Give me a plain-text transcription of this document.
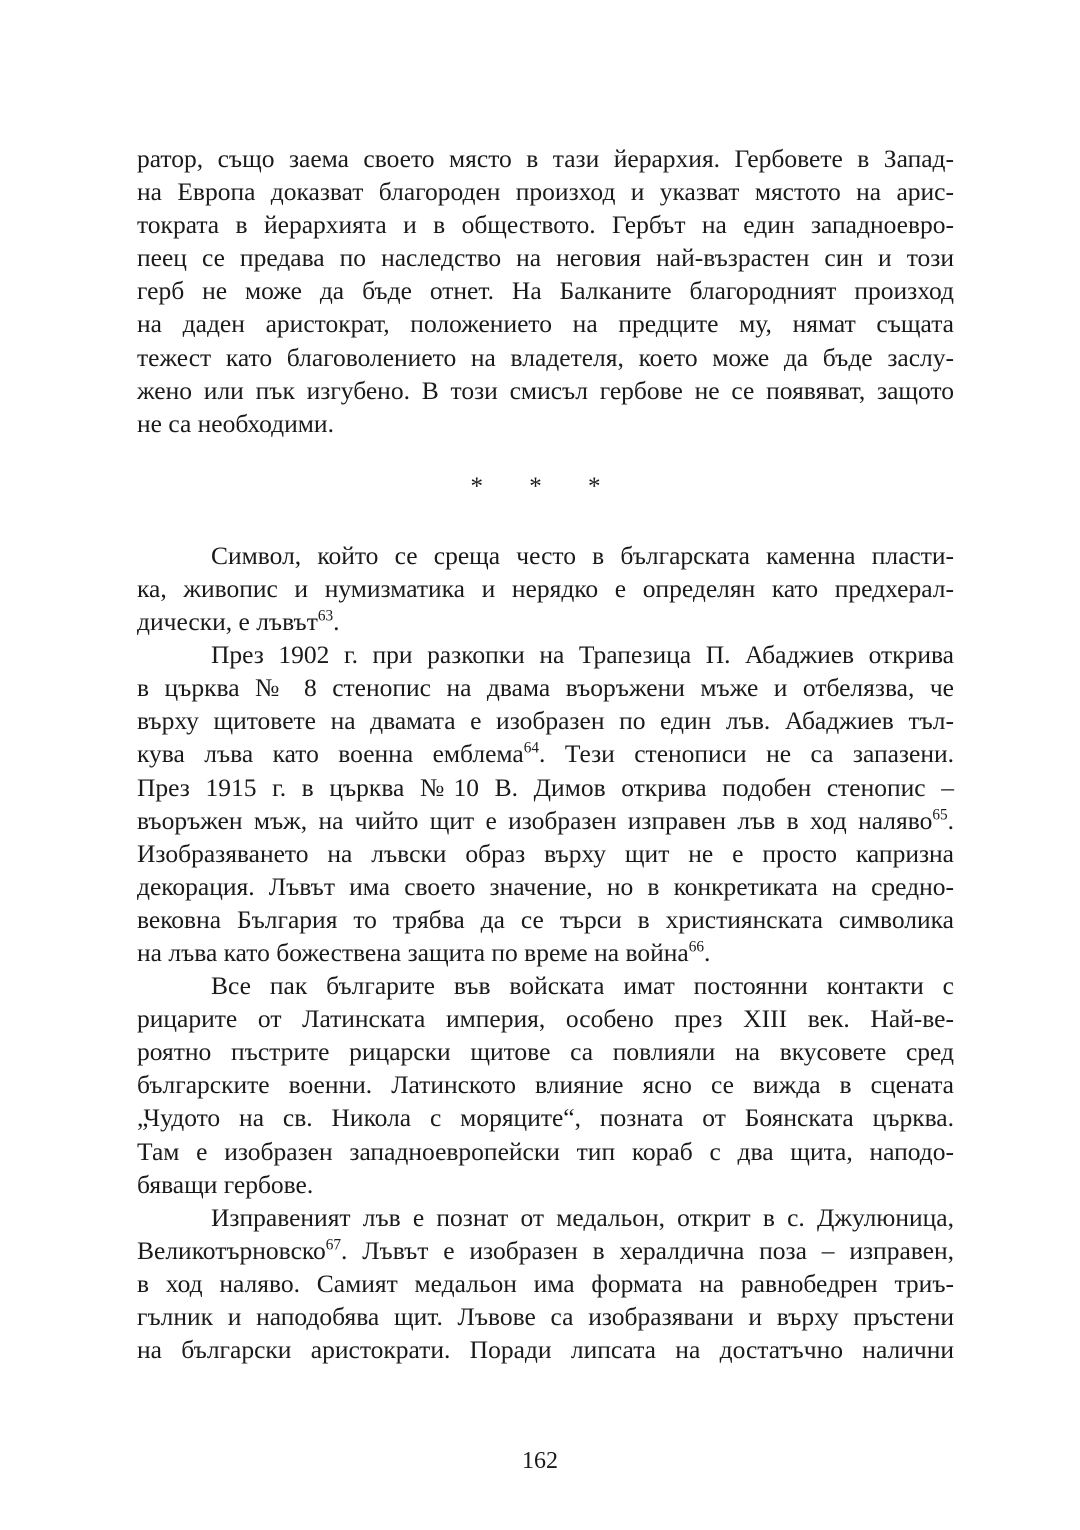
ратор, също заема своето място в тази йерархия. Гербовете в Запад-
на Европа доказват благороден произход и указват мястото на арис-
тократа в йерархията и в обществото. Гербът на един западноевро-
пеец се предава по наследство на неговия най-възрастен син и този
герб не може да бъде отнет. На Балканите благородният произход
на даден аристократ, положението на предците му, нямат същата
тежест като благоволението на владетеля, което може да бъде заслу-
жено или пък изгубено. В този смисъл гербове не се появяват, защото
не са необходими.
* * *
Символ, който се среща често в българската каменна пласти-
ка, живопис и нумизматика и нерядко е определян като предхерал-
дически, е лъвът$^{63}$.
През 1902 г. при разкопки на Трапезица П. Абаджиев открива
в църква № 8 стенопис на двама въоръжени мъже и отбелязва, че
върху щитовете на двамата е изобразен по един лъв. Абаджиев тъл-
кува лъва като военна емблема$^{64}$. Тези стенописи не са запазени.
През 1915 г. в църква №10 В. Димов открива подобен стенопис –
въоръжен мъж, на чийто щит е изобразен изправен лъв в ход наляво$^{65}$.
Изобразяването на лъвски образ върху щит не е просто капризна
декорация. Лъвът има своето значение, но в конкретиката на средно-
вековна България то трябва да се търси в християнската символика
на лъва като божествена защита по време на война$^{66}$.
Все пак българите във войската имат постоянни контакти с
рицарите от Латинската империя, особено през XIII век. Най-ве-
роятно пъстрите рицарски щитове са повлияли на вкусовете сред
българските военни. Латинското влияние ясно се вижда в сцената
„Чудото на св. Никола с моряците“, позната от Боянската църква.
Там е изобразен западноевропейски тип кораб с два щита, наподо-
бяващи гербове.
Изправеният лъв е познат от медальон, открит в с. Джулюница,
Великотърновско$^{67}$. Лъвът е изобразен в хералдична поза – изправен,
в ход наляво. Самият медальон има формата на равнобедрен триъ-
гълник и наподобява щит. Лъвове са изобразявани и върху пръстени
на български аристократи. Поради липсата на достатъчно налични
162
